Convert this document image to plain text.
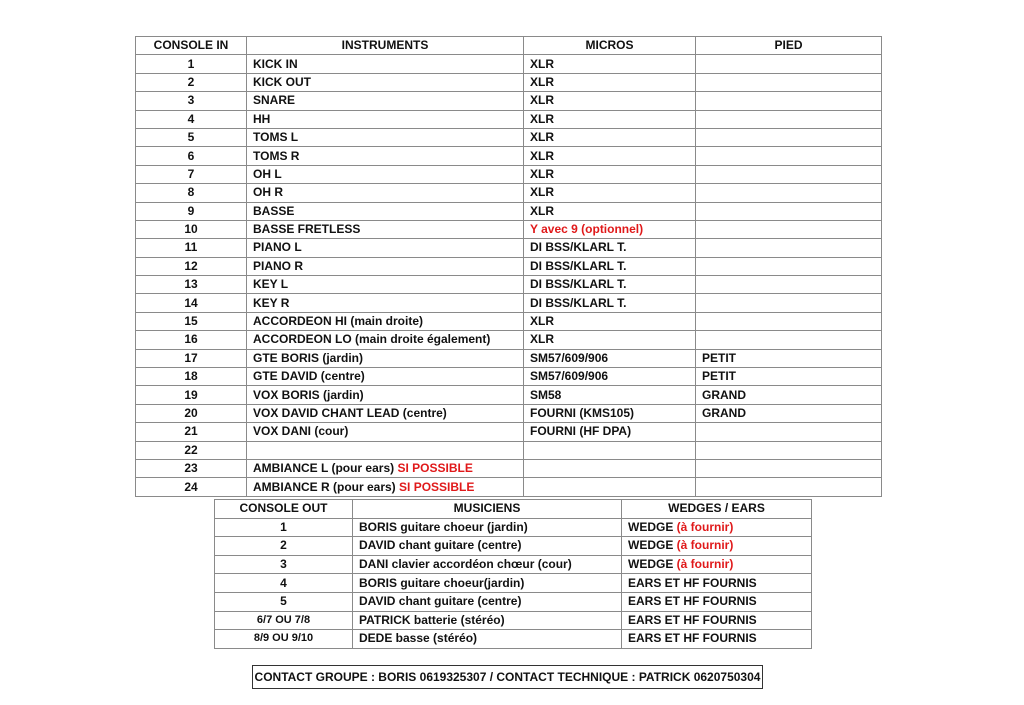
CONSOLE IN	INSTRUMENTS	MICROS	PIED
1	KICK IN	XLR	
2	KICK OUT	XLR	
3	SNARE	XLR	
4	HH	XLR	
5	TOMS L	XLR	
6	TOMS R	XLR	
7	OH L	XLR	
8	OH R	XLR	
9	BASSE	XLR	
10	BASSE FRETLESS	Y avec 9 (optionnel)	
11	PIANO L	DI BSS/KLARL T.	
12	PIANO R	DI BSS/KLARL T.	
13	KEY L	DI BSS/KLARL T.	
14	KEY R	DI BSS/KLARL T.	
15	ACCORDEON HI (main droite)	XLR	
16	ACCORDEON LO (main droite également)	XLR	
17	GTE BORIS (jardin)	SM57/609/906	PETIT
18	GTE DAVID (centre)	SM57/609/906	PETIT
19	VOX BORIS (jardin)	SM58	GRAND
20	VOX DAVID CHANT LEAD (centre)	FOURNI (KMS105)	GRAND
21	VOX DANI (cour)	FOURNI (HF DPA)	
22			
23	AMBIANCE L (pour ears) SI POSSIBLE		
24	AMBIANCE R (pour ears) SI POSSIBLE		
CONSOLE OUT	MUSICIENS	WEDGES / EARS
1	BORIS guitare choeur (jardin)	WEDGE (à fournir)
2	DAVID chant guitare (centre)	WEDGE (à fournir)
3	DANI clavier accordéon chœur (cour)	WEDGE (à fournir)
4	BORIS guitare choeur(jardin)	EARS ET HF FOURNIS
5	DAVID chant guitare (centre)	EARS ET HF FOURNIS
6/7 OU 7/8	PATRICK batterie (stéréo)	EARS ET HF FOURNIS
8/9 OU 9/10	DEDE basse (stéréo)	EARS ET HF FOURNIS
CONTACT GROUPE : BORIS 0619325307 / CONTACT TECHNIQUE : PATRICK 0620750304
